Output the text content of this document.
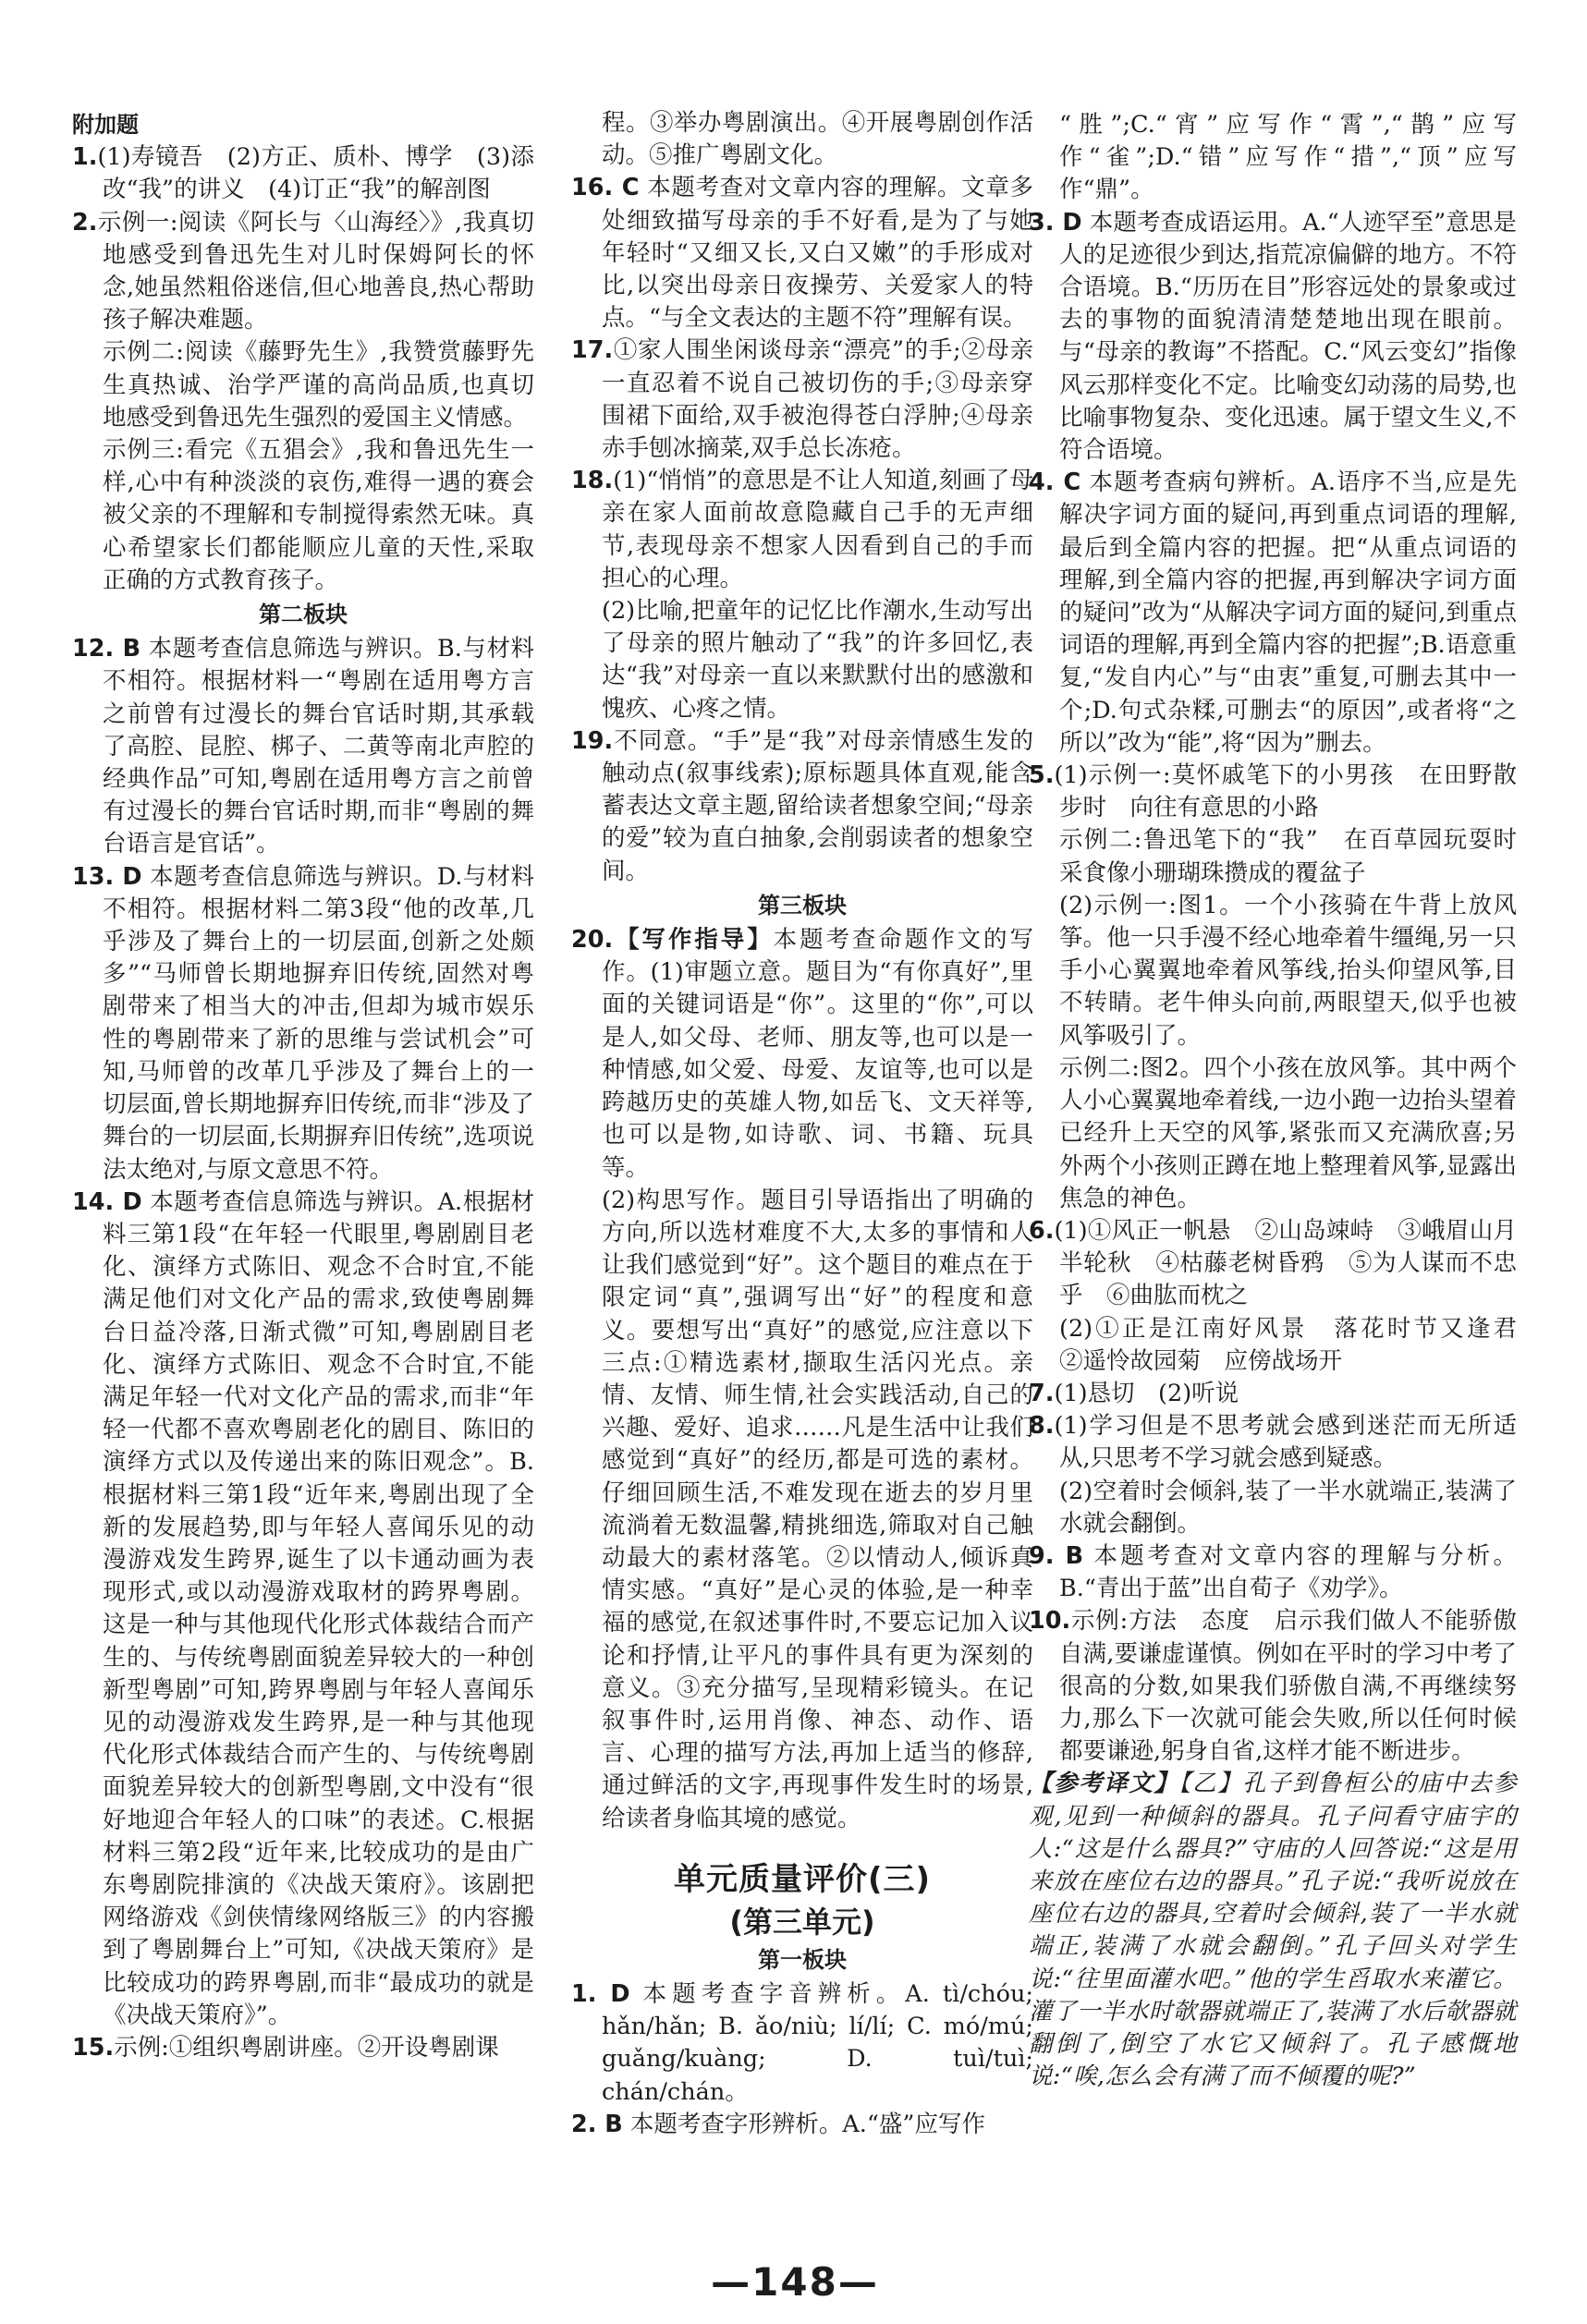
附加题

1.(1)寿镜吾　(2)方正、质朴、博学　(3)添改“我”的讲义　(4)订正“我”的解剖图

2.示例一:阅读《阿长与〈山海经〉》,我真切地感受到鲁迅先生对儿时保姆阿长的怀念,她虽然粗俗迷信,但心地善良,热心帮助孩子解决难题。

示例二:阅读《藤野先生》,我赞赏藤野先生真热诚、治学严谨的高尚品质,也真切地感受到鲁迅先生强烈的爱国主义情感。

示例三:看完《五猖会》,我和鲁迅先生一样,心中有种淡淡的哀伤,难得一遇的赛会被父亲的不理解和专制搅得索然无味。真心希望家长们都能顺应儿童的天性,采取正确的方式教育孩子。

第二板块

12. B 本题考查信息筛选与辨识。B.与材料不相符。根据材料一“粤剧在适用粤方言之前曾有过漫长的舞台官话时期,其承载了高腔、昆腔、梆子、二黄等南北声腔的经典作品”可知,粤剧在适用粤方言之前曾有过漫长的舞台官话时期,而非“粤剧的舞台语言是官话”。

13. D 本题考查信息筛选与辨识。D.与材料不相符。根据材料二第3段“他的改革,几乎涉及了舞台上的一切层面,创新之处颇多”“马师曾长期地摒弃旧传统,固然对粤剧带来了相当大的冲击,但却为城市娱乐性的粤剧带来了新的思维与尝试机会”可知,马师曾的改革几乎涉及了舞台上的一切层面,曾长期地摒弃旧传统,而非“涉及了舞台的一切层面,长期摒弃旧传统”,选项说法太绝对,与原文意思不符。

14. D 本题考查信息筛选与辨识。A.根据材料三第1段“在年轻一代眼里,粤剧剧目老化、演绎方式陈旧、观念不合时宜,不能满足他们对文化产品的需求,致使粤剧舞台日益冷落,日渐式微”可知,粤剧剧目老化、演绎方式陈旧、观念不合时宜,不能满足年轻一代对文化产品的需求,而非“年轻一代都不喜欢粤剧老化的剧目、陈旧的演绎方式以及传递出来的陈旧观念”。B.根据材料三第1段“近年来,粤剧出现了全新的发展趋势,即与年轻人喜闻乐见的动漫游戏发生跨界,诞生了以卡通动画为表现形式,或以动漫游戏取材的跨界粤剧。这是一种与其他现代化形式体裁结合而产生的、与传统粤剧面貌差异较大的一种创新型粤剧”可知,跨界粤剧与年轻人喜闻乐见的动漫游戏发生跨界,是一种与其他现代化形式体裁结合而产生的、与传统粤剧面貌差异较大的创新型粤剧,文中没有“很好地迎合年轻人的口味”的表述。C.根据材料三第2段“近年来,比较成功的是由广东粤剧院排演的《决战天策府》。该剧把网络游戏《剑侠情缘网络版三》的内容搬到了粤剧舞台上”可知,《决战天策府》是比较成功的跨界粤剧,而非“最成功的就是《决战天策府》”。

15.示例:①组织粤剧讲座。②开设粤剧课

程。③举办粤剧演出。④开展粤剧创作活动。⑤推广粤剧文化。

16. C 本题考查对文章内容的理解。文章多处细致描写母亲的手不好看,是为了与她年轻时“又细又长,又白又嫩”的手形成对比,以突出母亲日夜操劳、关爱家人的特点。“与全文表达的主题不符”理解有误。

17.①家人围坐闲谈母亲“漂亮”的手;②母亲一直忍着不说自己被切伤的手;③母亲穿围裙下面给,双手被泡得苍白浮肿;④母亲赤手刨冰摘菜,双手总长冻疮。

18.(1)“悄悄”的意思是不让人知道,刻画了母亲在家人面前故意隐藏自己手的无声细节,表现母亲不想家人因看到自己的手而担心的心理。

(2)比喻,把童年的记忆比作潮水,生动写出了母亲的照片触动了“我”的许多回忆,表达“我”对母亲一直以来默默付出的感激和愧疚、心疼之情。

19.不同意。“手”是“我”对母亲情感生发的触动点(叙事线索);原标题具体直观,能含蓄表达文章主题,留给读者想象空间;“母亲的爱”较为直白抽象,会削弱读者的想象空间。

第三板块

20.【写作指导】本题考查命题作文的写作。(1)审题立意。题目为“有你真好”,里面的关键词语是“你”。这里的“你”,可以是人,如父母、老师、朋友等,也可以是一种情感,如父爱、母爱、友谊等,也可以是跨越历史的英雄人物,如岳飞、文天祥等,也可以是物,如诗歌、词、书籍、玩具等。

(2)构思写作。题目引导语指出了明确的方向,所以选材难度不大,太多的事情和人让我们感觉到“好”。这个题目的难点在于限定词“真”,强调写出“好”的程度和意义。要想写出“真好”的感觉,应注意以下三点:①精选素材,撷取生活闪光点。亲情、友情、师生情,社会实践活动,自己的兴趣、爱好、追求……凡是生活中让我们感觉到“真好”的经历,都是可选的素材。仔细回顾生活,不难发现在逝去的岁月里流淌着无数温馨,精挑细选,筛取对自己触动最大的素材落笔。②以情动人,倾诉真情实感。“真好”是心灵的体验,是一种幸福的感觉,在叙述事件时,不要忘记加入议论和抒情,让平凡的事件具有更为深刻的意义。③充分描写,呈现精彩镜头。在记叙事件时,运用肖像、神态、动作、语言、心理的描写方法,再加上适当的修辞,通过鲜活的文字,再现事件发生时的场景,给读者身临其境的感觉。

单元质量评价(三)

(第三单元)

第一板块

1. D 本题考查字音辨析。A. tì/chóu; hǎn/hǎn; B. ǎo/niù; lí/lí; C. mó/mú; guǎng/kuàng; D. tuì/tuì; chán/chán。

2. B 本题考查字形辨析。A.“盛”应写作

“胜”;C.“宵”应写作“霄”,“鹊”应写作“雀”;D.“错”应写作“措”,“顶”应写作“鼎”。

3. D 本题考查成语运用。A.“人迹罕至”意思是人的足迹很少到达,指荒凉偏僻的地方。不符合语境。B.“历历在目”形容远处的景象或过去的事物的面貌清清楚楚地出现在眼前。与“母亲的教诲”不搭配。C.“风云变幻”指像风云那样变化不定。比喻变幻动荡的局势,也比喻事物复杂、变化迅速。属于望文生义,不符合语境。

4. C 本题考查病句辨析。A.语序不当,应是先解决字词方面的疑问,再到重点词语的理解,最后到全篇内容的把握。把“从重点词语的理解,到全篇内容的把握,再到解决字词方面的疑问”改为“从解决字词方面的疑问,到重点词语的理解,再到全篇内容的把握”;B.语意重复,“发自内心”与“由衷”重复,可删去其中一个;D.句式杂糅,可删去“的原因”,或者将“之所以”改为“能”,将“因为”删去。

5.(1)示例一:莫怀戚笔下的小男孩　在田野散步时　向往有意思的小路

示例二:鲁迅笔下的“我”　在百草园玩耍时　采食像小珊瑚珠攒成的覆盆子

(2)示例一:图1。一个小孩骑在牛背上放风筝。他一只手漫不经心地牵着牛缰绳,另一只手小心翼翼地牵着风筝线,抬头仰望风筝,目不转睛。老牛伸头向前,两眼望天,似乎也被风筝吸引了。

示例二:图2。四个小孩在放风筝。其中两个人小心翼翼地牵着线,一边小跑一边抬头望着已经升上天空的风筝,紧张而又充满欣喜;另外两个小孩则正蹲在地上整理着风筝,显露出焦急的神色。

6.(1)①风正一帆悬　②山岛竦峙　③峨眉山月半轮秋　④枯藤老树昏鸦　⑤为人谋而不忠乎　⑥曲肱而枕之

(2)①正是江南好风景　落花时节又逢君　②遥怜故园菊　应傍战场开

7.(1)恳切　(2)听说

8.(1)学习但是不思考就会感到迷茫而无所适从,只思考不学习就会感到疑惑。

(2)空着时会倾斜,装了一半水就端正,装满了水就会翻倒。

9. B 本题考查对文章内容的理解与分析。B.“青出于蓝”出自荀子《劝学》。

10.示例:方法　态度　启示我们做人不能骄傲自满,要谦虚谨慎。例如在平时的学习中考了很高的分数,如果我们骄傲自满,不再继续努力,那么下一次就可能会失败,所以任何时候都要谦逊,躬身自省,这样才能不断进步。

【参考译文】【乙】孔子到鲁桓公的庙中去参观,见到一种倾斜的器具。孔子问看守庙宇的人:“这是什么器具?”守庙的人回答说:“这是用来放在座位右边的器具。”孔子说:“我听说放在座位右边的器具,空着时会倾斜,装了一半水就端正,装满了水就会翻倒。”孔子回头对学生说:“往里面灌水吧。”他的学生舀取水来灌它。灌了一半水时欹器就端正了,装满了水后欹器就翻倒了,倒空了水它又倾斜了。孔子感慨地说:“唉,怎么会有满了而不倾覆的呢?”

—148—
